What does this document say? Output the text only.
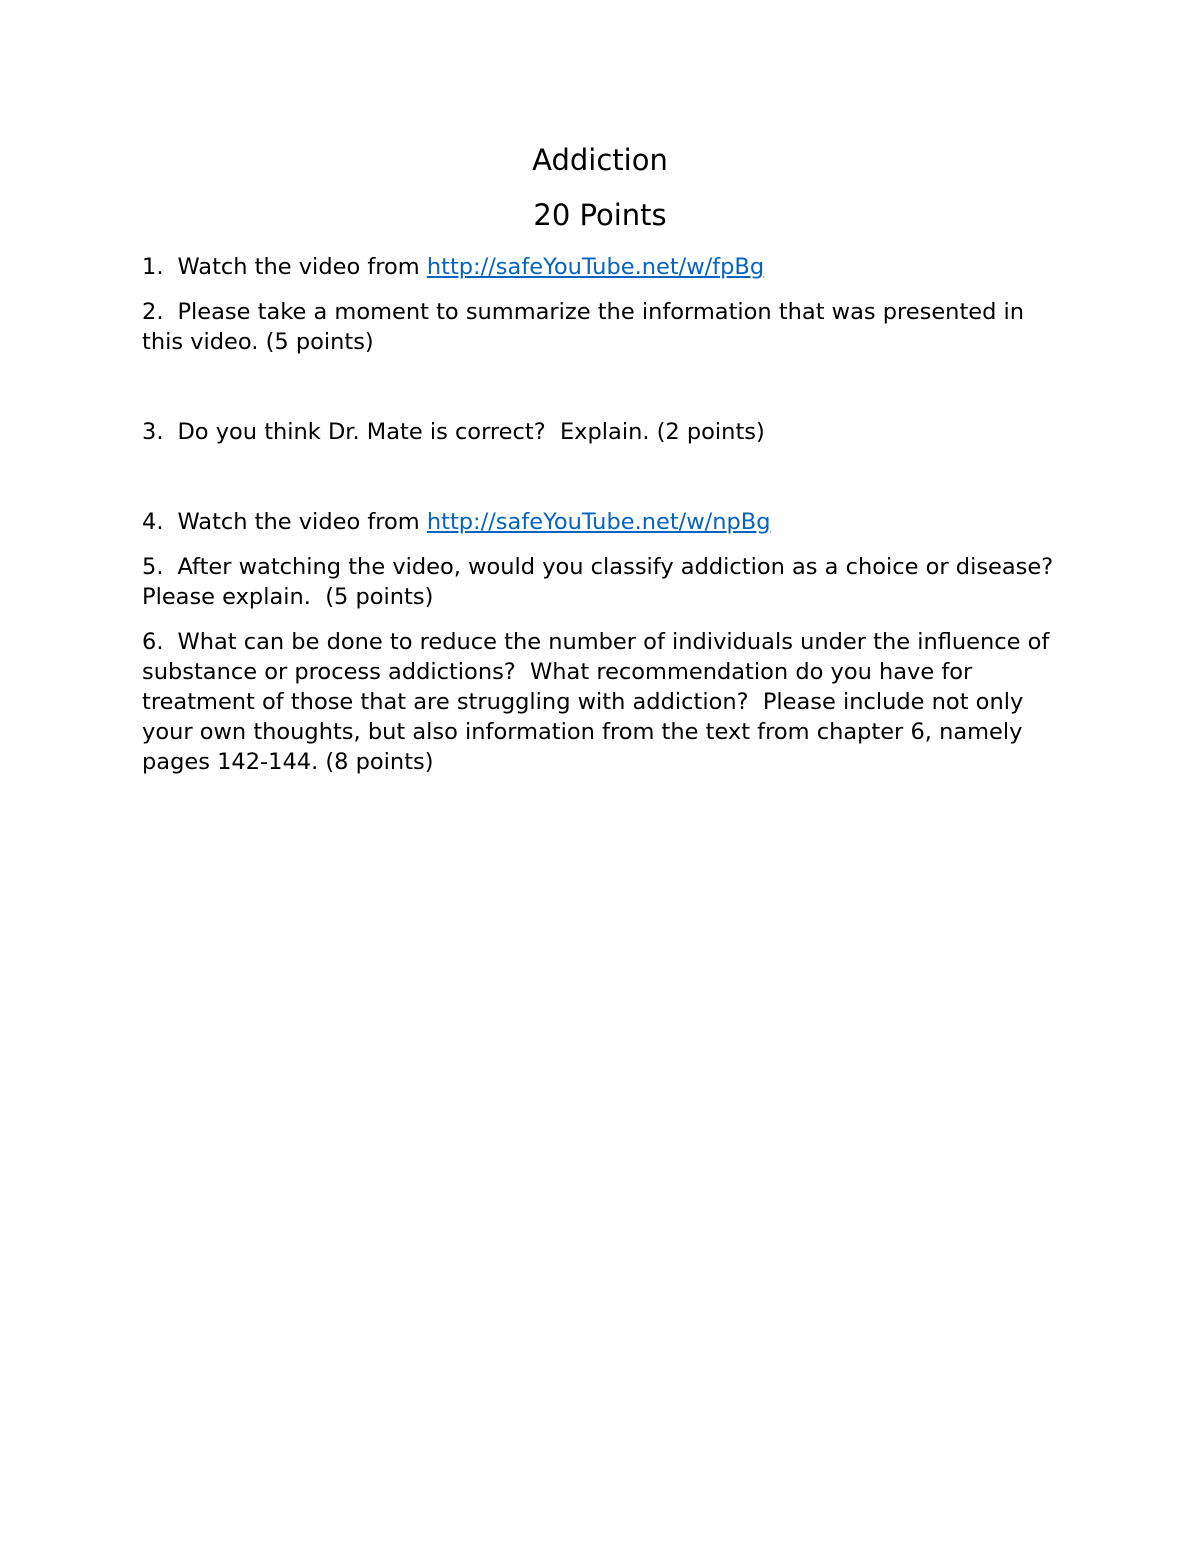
Addiction
20 Points

1. Watch the video from http://safeYouTube.net/w/fpBg

2. Please take a moment to summarize the information that was presented in this video. (5 points)

3. Do you think Dr. Mate is correct?  Explain. (2 points)

4. Watch the video from http://safeYouTube.net/w/npBg

5. After watching the video, would you classify addiction as a choice or disease?  Please explain.  (5 points)

6. What can be done to reduce the number of individuals under the influence of substance or process addictions?  What recommendation do you have for treatment of those that are struggling with addiction?  Please include not only your own thoughts, but also information from the text from chapter 6, namely pages 142-144. (8 points)
